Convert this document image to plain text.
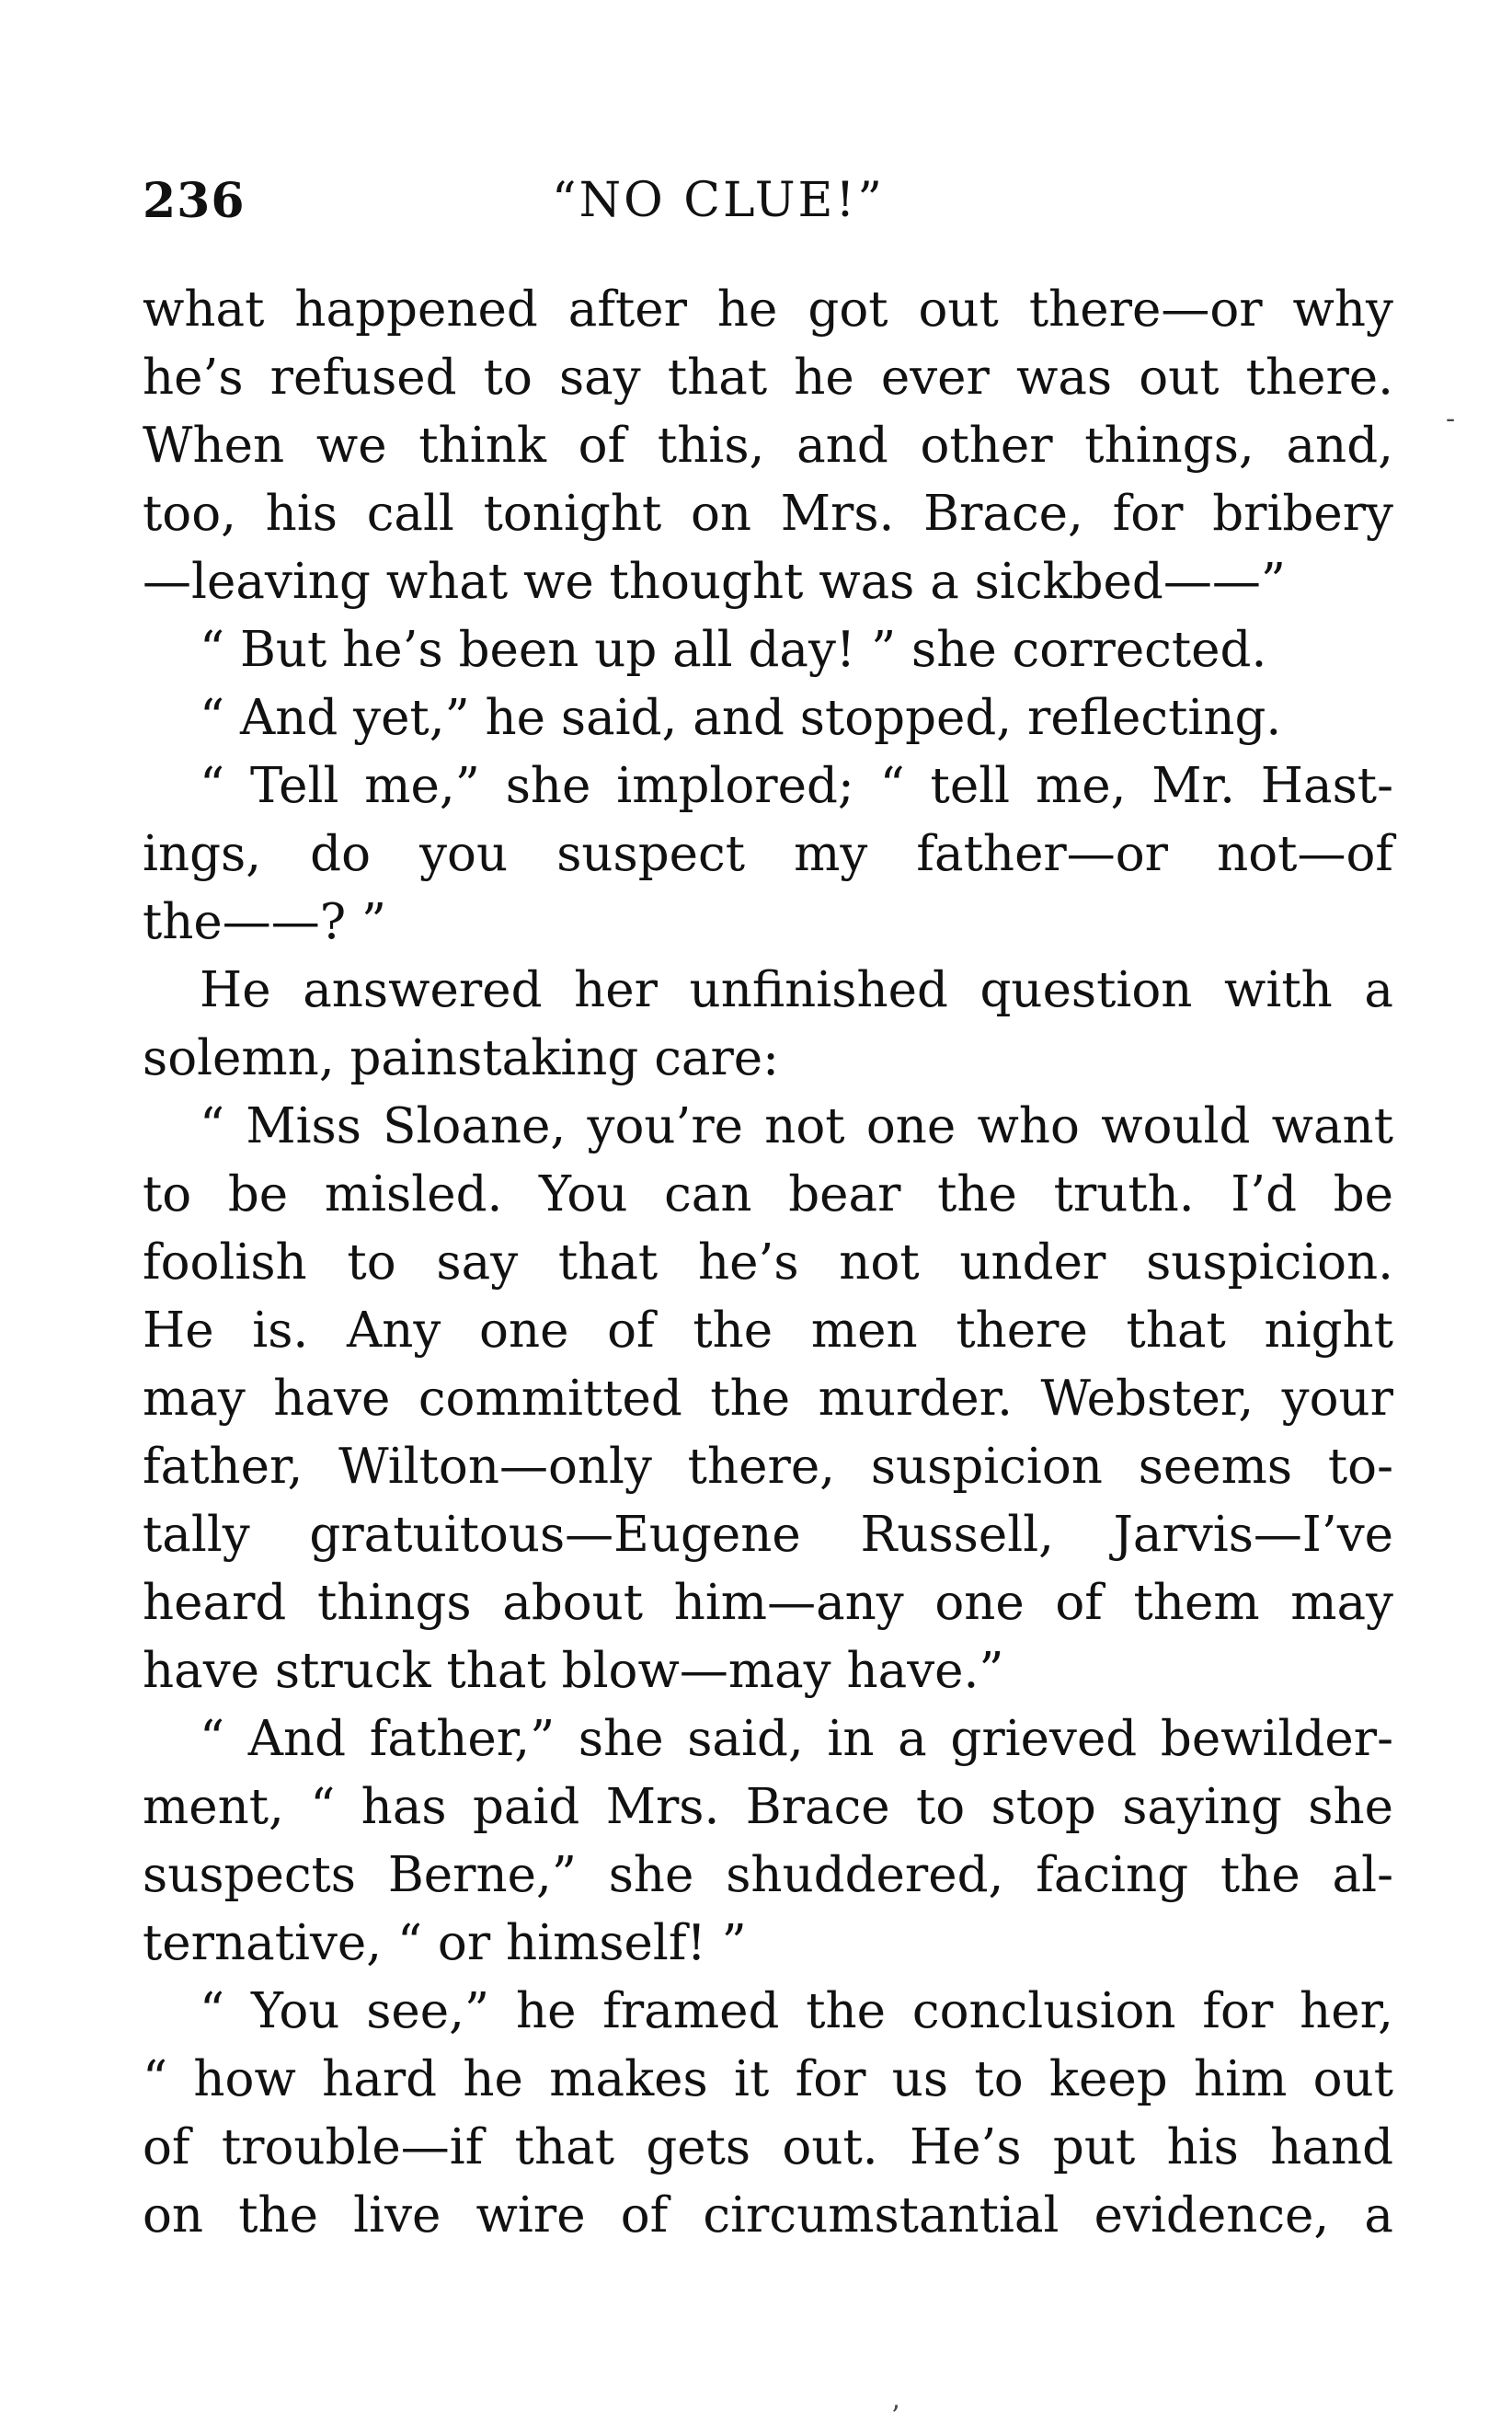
236	“NO CLUE!”
what happened after he got out there—or why
he’s refused to say that he ever was out there.
When we think of this, and other things, and,
too, his call tonight on Mrs. Brace, for bribery
—leaving what we thought was a sickbed——”
“ But he’s been up all day! ” she corrected.
“ And yet,” he said, and stopped, reflecting.
“ Tell me,” she implored; “ tell me, Mr. Hast-
ings, do you suspect my father—or not—of
the——? ”
He answered her unfinished question with a
solemn, painstaking care:
“ Miss Sloane, you’re not one who would want
to be misled. You can bear the truth. I’d be
foolish to say that he’s not under suspicion.
He is. Any one of the men there that night
may have committed the murder. Webster, your
father, Wilton—only there, suspicion seems to-
tally gratuitous—Eugene Russell, Jarvis—I’ve
heard things about him—any one of them may
have struck that blow—may have.”
“ And father,” she said, in a grieved bewilder-
ment, “ has paid Mrs. Brace to stop saying she
suspects Berne,” she shuddered, facing the al-
ternative, “ or himself! ”
“ You see,” he framed the conclusion for her,
“ how hard he makes it for us to keep him out
of trouble—if that gets out. He’s put his hand
on the live wire of circumstantial evidence, a
-
ʼ
